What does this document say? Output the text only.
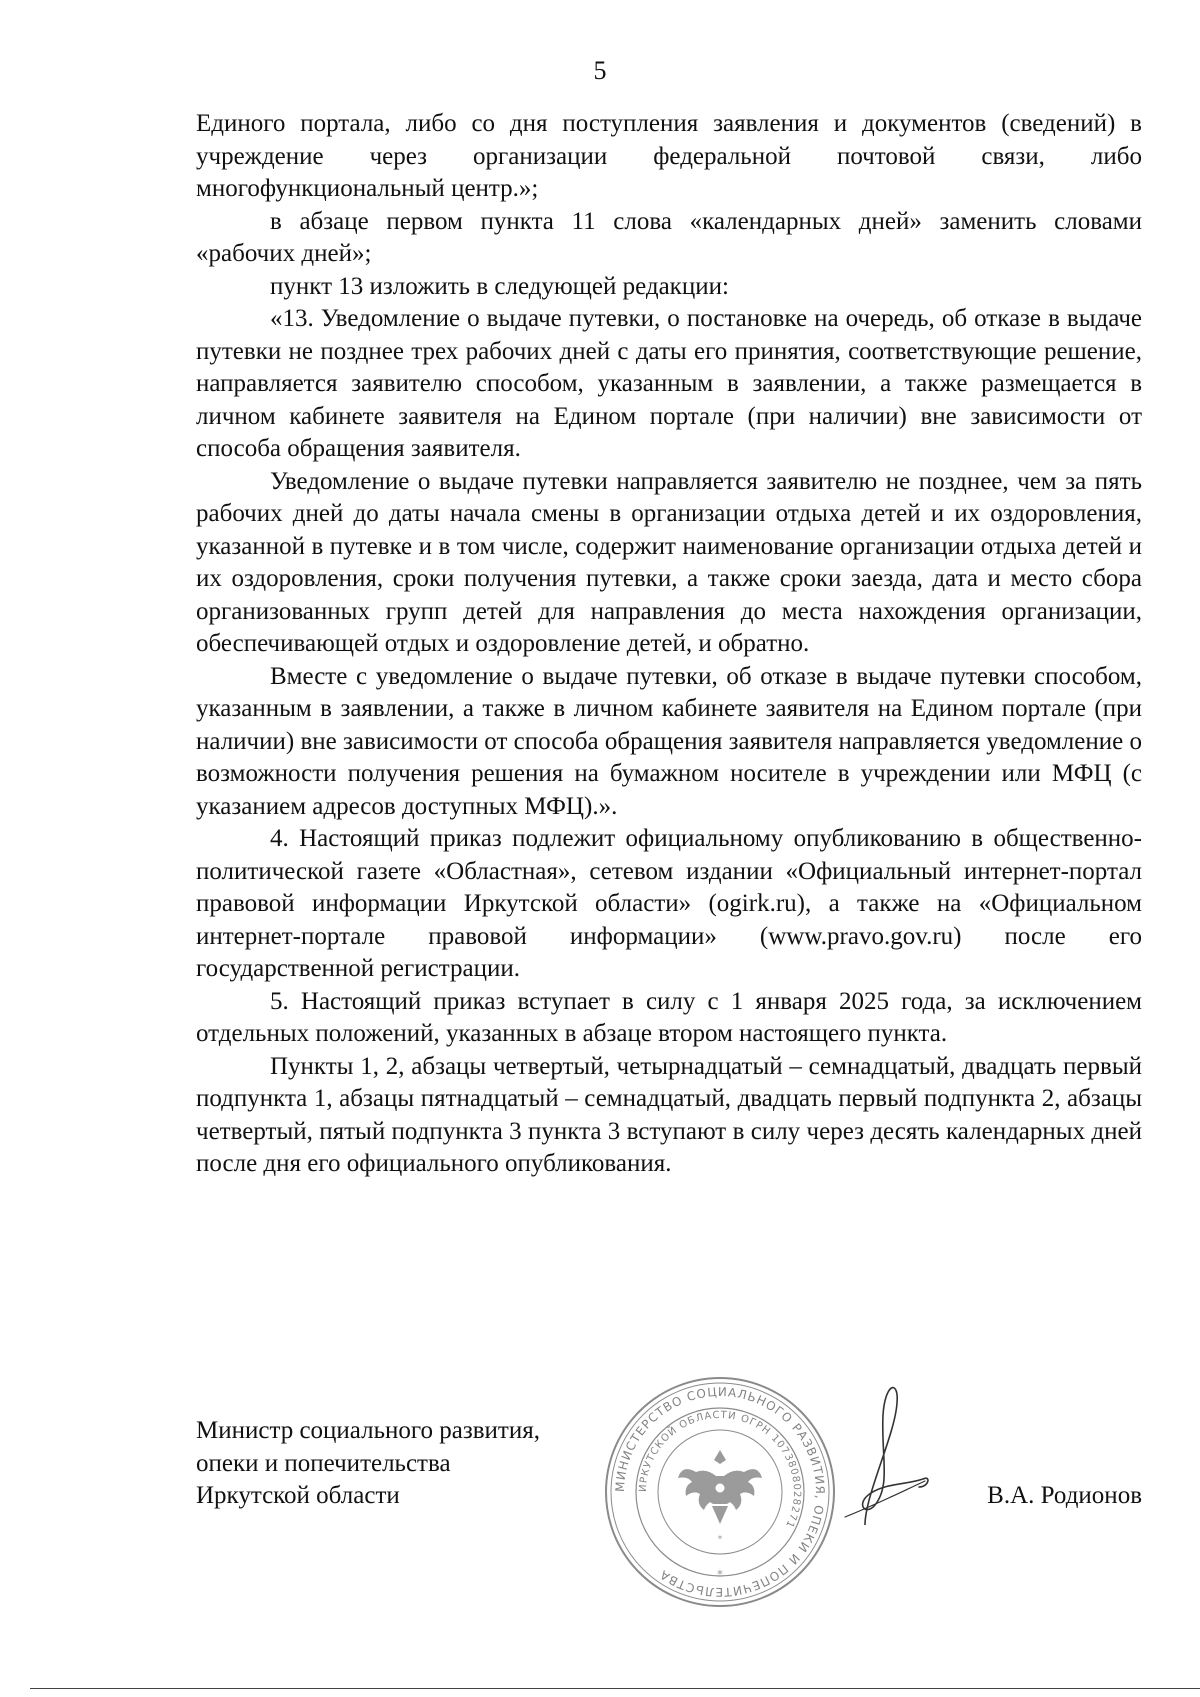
5

Единого портала, либо со дня поступления заявления и документов (сведений) в учреждение через организации федеральной почтовой связи, либо многофункциональный центр.»;

в абзаце первом пункта 11 слова «календарных дней» заменить словами «рабочих дней»;

пункт 13 изложить в следующей редакции:

«13. Уведомление о выдаче путевки, о постановке на очередь, об отказе в выдаче путевки не позднее трех рабочих дней с даты его принятия, соответствующие решение, направляется заявителю способом, указанным в заявлении, а также размещается в личном кабинете заявителя на Едином портале (при наличии) вне зависимости от способа обращения заявителя.

Уведомление о выдаче путевки направляется заявителю не позднее, чем за пять рабочих дней до даты начала смены в организации отдыха детей и их оздоровления, указанной в путевке и в том числе, содержит наименование организации отдыха детей и их оздоровления, сроки получения путевки, а также сроки заезда, дата и место сбора организованных групп детей для направления до места нахождения организации, обеспечивающей отдых и оздоровление детей, и обратно.

Вместе с уведомление о выдаче путевки, об отказе в выдаче путевки способом, указанным в заявлении, а также в личном кабинете заявителя на Едином портале (при наличии) вне зависимости от способа обращения заявителя направляется уведомление о возможности получения решения на бумажном носителе в учреждении или МФЦ (с указанием адресов доступных МФЦ).».

4. Настоящий приказ подлежит официальному опубликованию в общественно-политической газете «Областная», сетевом издании «Официальный интернет-портал правовой информации Иркутской области» (ogirk.ru), а также на «Официальном интернет-портале правовой информации» (www.pravo.gov.ru) после его государственной регистрации.

5. Настоящий приказ вступает в силу с 1 января 2025 года, за исключением отдельных положений, указанных в абзаце втором настоящего пункта.

Пункты 1, 2, абзацы четвертый, четырнадцатый – семнадцатый, двадцать первый подпункта 1, абзацы пятнадцатый – семнадцатый, двадцать первый подпункта 2, абзацы четвертый, пятый подпункта 3 пункта 3 вступают в силу через десять календарных дней после дня его официального опубликования.

Министр социального развития,
опеки и попечительства
Иркутской области	В.А. Родионов
МИНИСТЕРСТВО СОЦИАЛЬНОГО РАЗВИТИЯ, ОПЕКИ И ПОПЕЧИТЕЛЬСТВА
ИРКУТСКОЙ ОБЛАСТИ ОГРН 1073808028271
✶
✶
